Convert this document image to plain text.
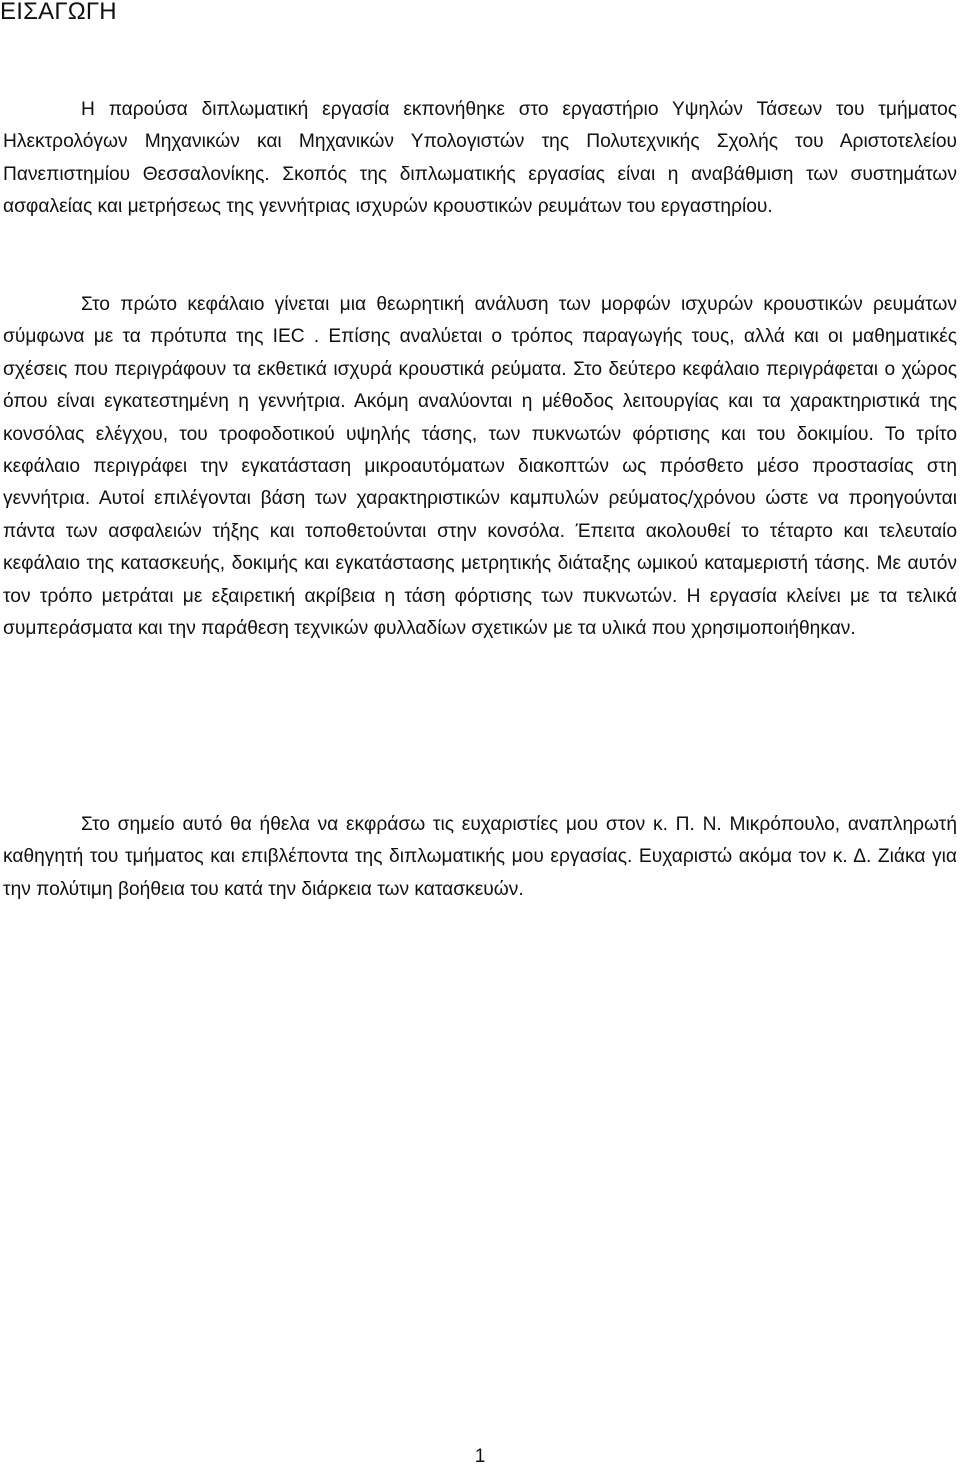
ΕΙΣΑΓΩΓΗ

Η παρούσα διπλωματική εργασία εκπονήθηκε στο εργαστήριο Υψηλών Τάσεων του τμήματος Ηλεκτρολόγων Μηχανικών και Μηχανικών Υπολογιστών της Πολυτεχνικής Σχολής του Αριστοτελείου Πανεπιστημίου Θεσσαλονίκης. Σκοπός της διπλωματικής εργασίας είναι η αναβάθμιση των συστημάτων ασφαλείας και μετρήσεως της γεννήτριας ισχυρών κρουστικών ρευμάτων του εργαστηρίου.

Στο πρώτο κεφάλαιο γίνεται μια θεωρητική ανάλυση των μορφών ισχυρών κρουστικών ρευμάτων σύμφωνα με τα πρότυπα της IEC . Επίσης αναλύεται ο τρόπος παραγωγής τους, αλλά και οι μαθηματικές σχέσεις που περιγράφουν τα εκθετικά ισχυρά κρουστικά ρεύματα. Στο δεύτερο κεφάλαιο περιγράφεται ο χώρος όπου είναι εγκατεστημένη η γεννήτρια. Ακόμη αναλύονται η μέθοδος λειτουργίας και τα χαρακτηριστικά της κονσόλας ελέγχου, του τροφοδοτικού υψηλής τάσης, των πυκνωτών φόρτισης και του δοκιμίου. Το τρίτο κεφάλαιο περιγράφει την εγκατάσταση μικροαυτόματων διακοπτών ως πρόσθετο μέσο προστασίας στη γεννήτρια. Αυτοί επιλέγονται βάση των χαρακτηριστικών καμπυλών ρεύματος/χρόνου ώστε να προηγούνται πάντα των ασφαλειών τήξης και τοποθετούνται στην κονσόλα. Έπειτα ακολουθεί το τέταρτο και τελευταίο κεφάλαιο της κατασκευής, δοκιμής και εγκατάστασης μετρητικής διάταξης ωμικού καταμεριστή τάσης. Με αυτόν τον τρόπο μετράται με εξαιρετική ακρίβεια η τάση φόρτισης των πυκνωτών. Η εργασία κλείνει με τα τελικά συμπεράσματα και την παράθεση τεχνικών φυλλαδίων σχετικών με τα υλικά που χρησιμοποιήθηκαν.

Στο σημείο αυτό θα ήθελα να εκφράσω τις ευχαριστίες μου στον κ. Π. Ν. Μικρόπουλο, αναπληρωτή καθηγητή του τμήματος και επιβλέποντα της διπλωματικής μου εργασίας. Ευχαριστώ ακόμα τον κ. Δ. Ζιάκα για την πολύτιμη βοήθεια του κατά την διάρκεια των κατασκευών.

1
